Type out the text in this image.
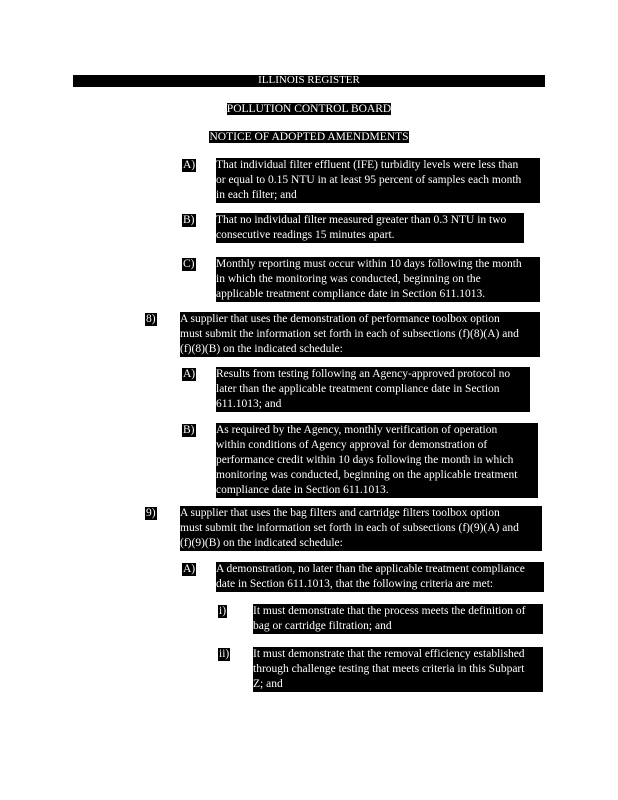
ILLINOIS REGISTER
POLLUTION CONTROL BOARD
NOTICE OF ADOPTED AMENDMENTS
A) That individual filter effluent (IFE) turbidity levels were less than
or equal to 0.15 NTU in at least 95 percent of samples each month
in each filter; and
B) That no individual filter measured greater than 0.3 NTU in two
consecutive readings 15 minutes apart.
C) Monthly reporting must occur within 10 days following the month
in which the monitoring was conducted, beginning on the
applicable treatment compliance date in Section 611.1013.
8) A supplier that uses the demonstration of performance toolbox option
must submit the information set forth in each of subsections (f)(8)(A) and
(f)(8)(B) on the indicated schedule:
A) Results from testing following an Agency-approved protocol no
later than the applicable treatment compliance date in Section
611.1013; and
B) As required by the Agency, monthly verification of operation
within conditions of Agency approval for demonstration of
performance credit within 10 days following the month in which
monitoring was conducted, beginning on the applicable treatment
compliance date in Section 611.1013.
9) A supplier that uses the bag filters and cartridge filters toolbox option
must submit the information set forth in each of subsections (f)(9)(A) and
(f)(9)(B) on the indicated schedule:
A) A demonstration, no later than the applicable treatment compliance
date in Section 611.1013, that the following criteria are met:
i) It must demonstrate that the process meets the definition of
bag or cartridge filtration; and
ii) It must demonstrate that the removal efficiency established
through challenge testing that meets criteria in this Subpart
Z; and
